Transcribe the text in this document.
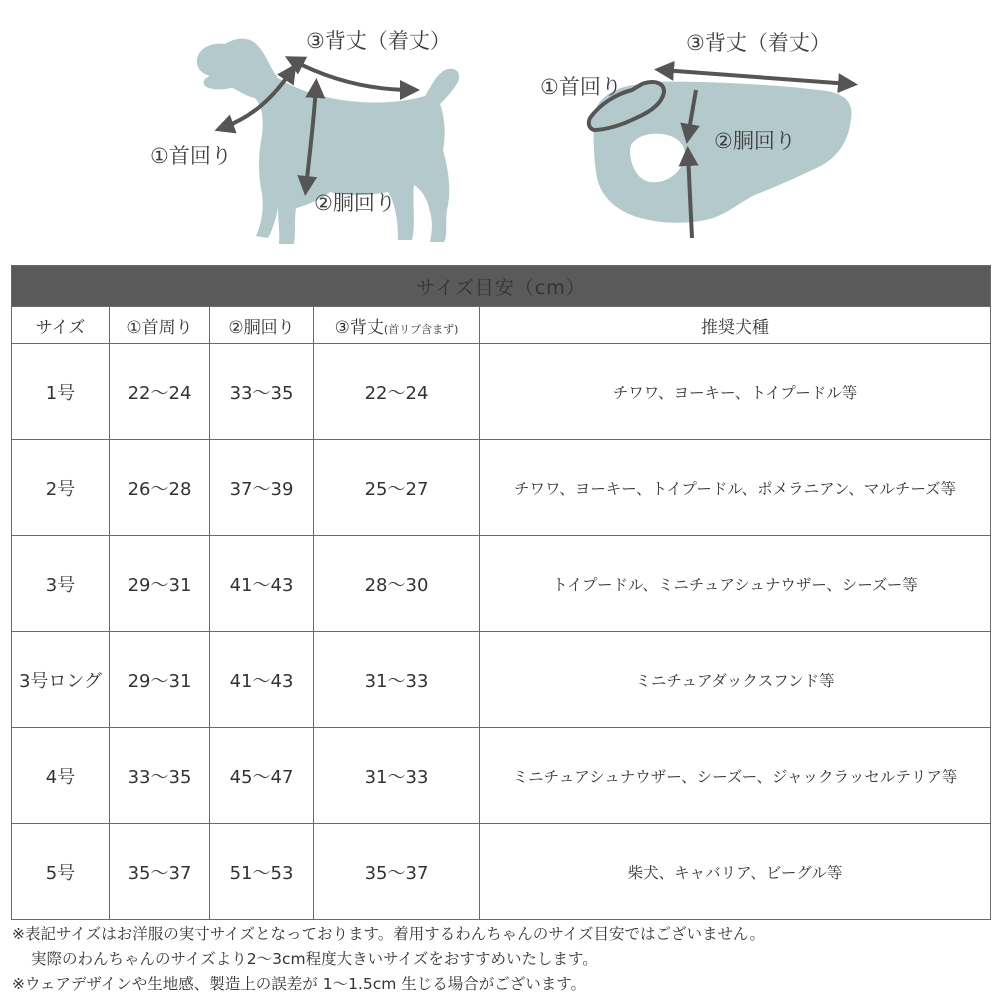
③背丈（着丈）
①首回り
②胴回り
③背丈（着丈）
①首回り
②胴回り
サイズ目安（cm）				
サイズ	①首周り	②胴回り	③背丈(首リブ含まず)	推奨犬種
1号	22～24	33～35	22～24	チワワ、ヨーキー、トイプードル等
2号	26～28	37～39	25～27	チワワ、ヨーキー、トイプードル、ポメラニアン、マルチーズ等
3号	29～31	41～43	28～30	トイプードル、ミニチュアシュナウザー、シーズー等
3号ロング	29～31	41～43	31～33	ミニチュアダックスフンド等
4号	33～35	45～47	31～33	ミニチュアシュナウザー、シーズー、ジャックラッセルテリア等
5号	35～37	51～53	35～37	柴犬、キャバリア、ビーグル等

※表記サイズはお洋服の実寸サイズとなっております。着用するわんちゃんのサイズ目安ではございません。

実際のわんちゃんのサイズより2～3cm程度大きいサイズをおすすめいたします。

※ウェアデザインや生地感、製造上の誤差が 1～1.5cm 生じる場合がございます。
